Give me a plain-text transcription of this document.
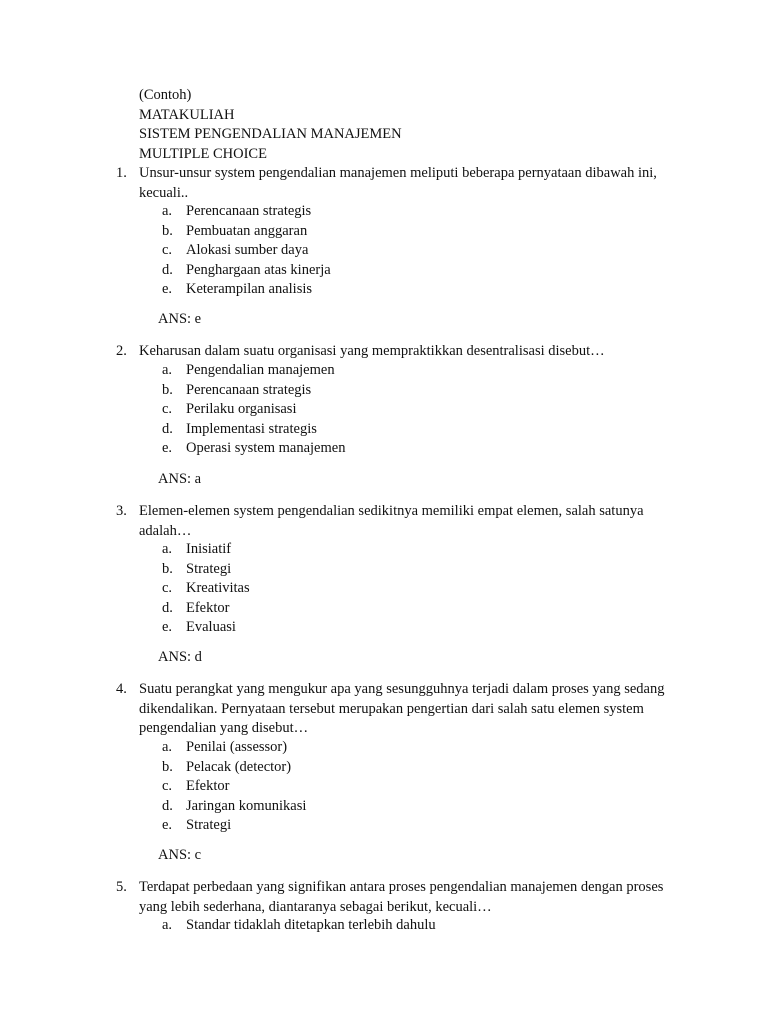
(Contoh)
MATAKULIAH
SISTEM PENGENDALIAN MANAJEMEN
MULTIPLE CHOICE
1. Unsur-unsur system pengendalian manajemen meliputi beberapa pernyataan dibawah ini, kecuali..
a. Perencanaan strategis
b. Pembuatan anggaran
c. Alokasi sumber daya
d. Penghargaan atas kinerja
e. Keterampilan analisis
ANS: e
2. Keharusan dalam suatu organisasi yang mempraktikkan desentralisasi disebut…
a. Pengendalian manajemen
b. Perencanaan strategis
c. Perilaku organisasi
d. Implementasi strategis
e. Operasi system manajemen
ANS: a
3. Elemen-elemen system pengendalian sedikitnya memiliki empat elemen, salah satunya adalah…
a. Inisiatif
b. Strategi
c. Kreativitas
d. Efektor
e. Evaluasi
ANS: d
4. Suatu perangkat yang mengukur apa yang sesungguhnya terjadi dalam proses yang sedang dikendalikan. Pernyataan tersebut merupakan pengertian dari salah satu elemen system pengendalian yang disebut…
a. Penilai (assessor)
b. Pelacak (detector)
c. Efektor
d. Jaringan komunikasi
e. Strategi
ANS: c
5. Terdapat perbedaan yang signifikan antara proses pengendalian manajemen dengan proses yang lebih sederhana, diantaranya sebagai berikut, kecuali…
a. Standar tidaklah ditetapkan terlebih dahulu
